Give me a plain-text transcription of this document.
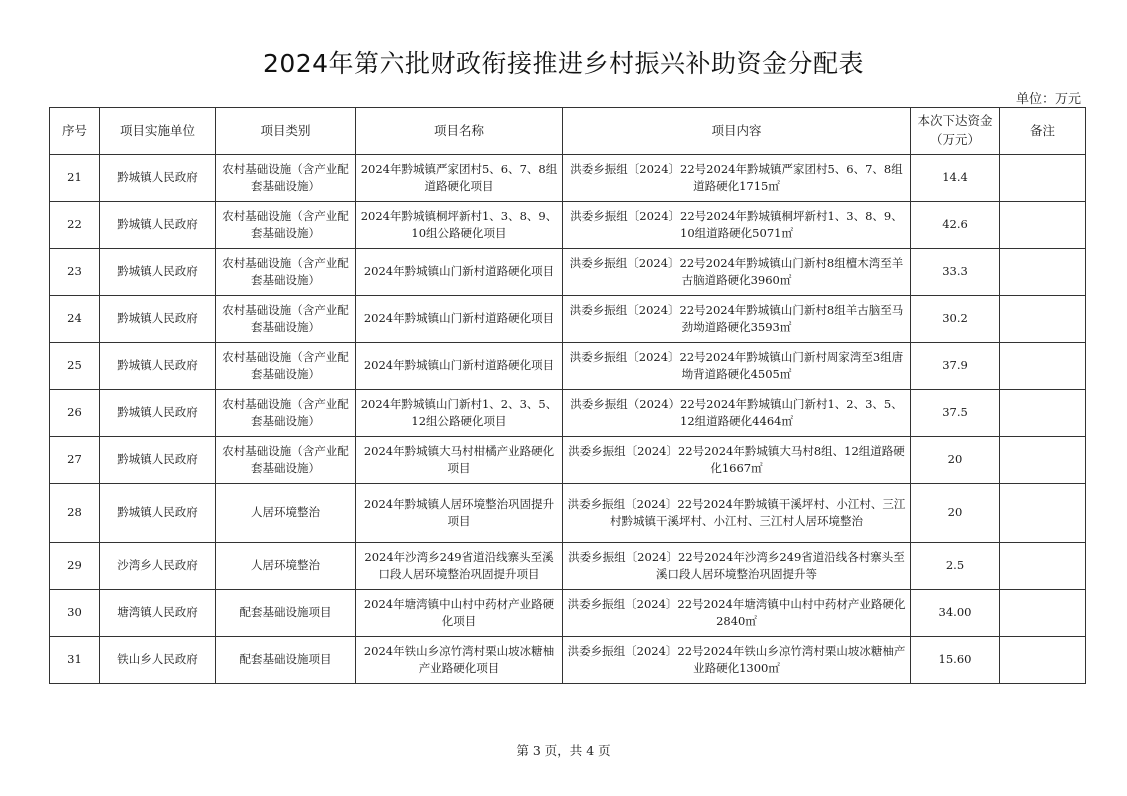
2024年第六批财政衔接推进乡村振兴补助资金分配表
单位：万元
序号	项目实施单位	项目类别	项目名称	项目内容	本次下达资金（万元）	备注
21	黔城镇人民政府	农村基础设施（含产业配套基础设施）	2024年黔城镇严家团村5、6、7、8组道路硬化项目	洪委乡振组〔2024〕22号2024年黔城镇严家团村5、6、7、8组道路硬化1715㎡	14.4	
22	黔城镇人民政府	农村基础设施（含产业配套基础设施）	2024年黔城镇桐坪新村1、3、8、9、10组公路硬化项目	洪委乡振组〔2024〕22号2024年黔城镇桐坪新村1、3、8、9、10组道路硬化5071㎡	42.6	
23	黔城镇人民政府	农村基础设施（含产业配套基础设施）	2024年黔城镇山门新村道路硬化项目	洪委乡振组〔2024〕22号2024年黔城镇山门新村8组檀木湾至羊古脑道路硬化3960㎡	33.3	
24	黔城镇人民政府	农村基础设施（含产业配套基础设施）	2024年黔城镇山门新村道路硬化项目	洪委乡振组〔2024〕22号2024年黔城镇山门新村8组羊古脑至马劲坳道路硬化3593㎡	30.2	
25	黔城镇人民政府	农村基础设施（含产业配套基础设施）	2024年黔城镇山门新村道路硬化项目	洪委乡振组〔2024〕22号2024年黔城镇山门新村周家湾至3组唐坳背道路硬化4505㎡	37.9	
26	黔城镇人民政府	农村基础设施（含产业配套基础设施）	2024年黔城镇山门新村1、2、3、5、12组公路硬化项目	洪委乡振组（2024）22号2024年黔城镇山门新村1、2、3、5、12组道路硬化4464㎡	37.5	
27	黔城镇人民政府	农村基础设施（含产业配套基础设施）	2024年黔城镇大马村柑橘产业路硬化项目	洪委乡振组〔2024〕22号2024年黔城镇大马村8组、12组道路硬化1667㎡	20	
28	黔城镇人民政府	人居环境整治	2024年黔城镇人居环境整治巩固提升项目	洪委乡振组〔2024〕22号2024年黔城镇干溪坪村、小江村、三江村黔城镇干溪坪村、小江村、三江村人居环境整治	20	
29	沙湾乡人民政府	人居环境整治	2024年沙湾乡249省道沿线寨头至溪口段人居环境整治巩固提升项目	洪委乡振组〔2024〕22号2024年沙湾乡249省道沿线各村寨头至溪口段人居环境整治巩固提升等	2.5	
30	塘湾镇人民政府	配套基础设施项目	2024年塘湾镇中山村中药材产业路硬化项目	洪委乡振组〔2024〕22号2024年塘湾镇中山村中药材产业路硬化2840㎡	34.00	
31	铁山乡人民政府	配套基础设施项目	2024年铁山乡凉竹湾村栗山坡冰糖柚产业路硬化项目	洪委乡振组〔2024〕22号2024年铁山乡凉竹湾村栗山坡冰糖柚产业路硬化1300㎡	15.60	
第 3 页，共 4 页
